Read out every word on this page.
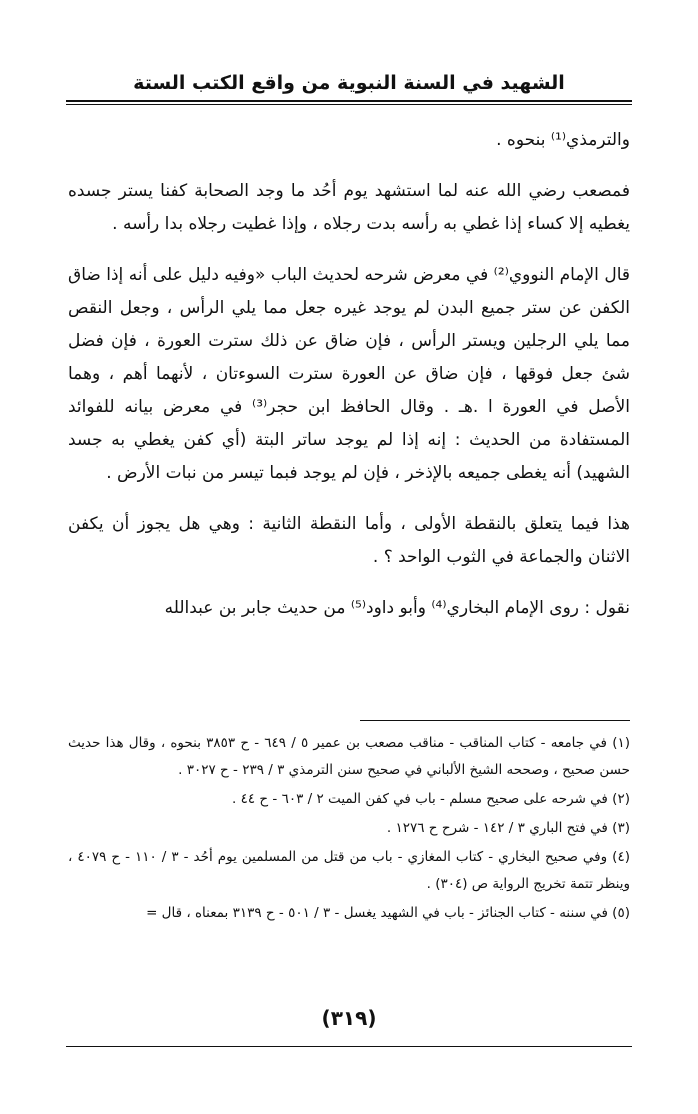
الشهيد في السنة النبوية من واقع الكتب الستة

والترمذي⁽¹⁾ بنحوه .

فمصعب رضي الله عنه لما استشهد يوم أحُد ما وجد الصحابة كفنا يستر جسده يغطيه إلا كساء إذا غطي به رأسه بدت رجلاه ، وإذا غطيت رجلاه بدا رأسه .

قال الإمام النووي⁽²⁾ في معرض شرحه لحديث الباب «وفيه دليل على أنه إذا ضاق الكفن عن ستر جميع البدن لم يوجد غيره جعل مما يلي الرأس ، وجعل النقص مما يلي الرجلين ويستر الرأس ، فإن ضاق عن ذلك سترت العورة ، فإن فضل شئ جعل فوقها ، فإن ضاق عن العورة سترت السوءتان ، لأنهما أهم ، وهما الأصل في العورة ا .هـ . وقال الحافظ ابن حجر⁽³⁾ في معرض بيانه للفوائد المستفادة من الحديث : إنه إذا لم يوجد ساتر البتة (أي كفن يغطي به جسد الشهيد) أنه يغطى جميعه بالإذخر ، فإن لم يوجد فبما تيسر من نبات الأرض .

هذا فيما يتعلق بالنقطة الأولى ، وأما النقطة الثانية : وهي هل يجوز أن يكفن الاثنان والجماعة في الثوب الواحد ؟ .

نقول : روى الإمام البخاري⁽⁴⁾ وأبو داود⁽⁵⁾ من حديث جابر بن عبدالله

(١) في جامعه - كتاب المناقب - مناقب مصعب بن عمير ٥ / ٦٤٩ - ح ٣٨٥٣ بنحوه ، وقال هذا حديث حسن صحيح ، وصححه الشيخ الألباني في صحيح سنن الترمذي ٣ / ٢٣٩ - ح ٣٠٢٧ .

(٢) في شرحه على صحيح مسلم - باب في كفن الميت ٢ / ٦٠٣ - ح ٤٤ .

(٣) في فتح الباري ٣ / ١٤٢ - شرح ح ١٢٧٦ .

(٤) وفي صحيح البخاري - كتاب المغازي - باب من قتل من المسلمين يوم أحُد - ٣ / ١١٠ - ح ٤٠٧٩ ، وينظر تتمة تخريج الرواية ص (٣٠٤) .

(٥) في سننه - كتاب الجنائز - باب في الشهيد يغسل - ٣ / ٥٠١ - ح ٣١٣٩ بمعناه ، قال =

(٣١٩)
